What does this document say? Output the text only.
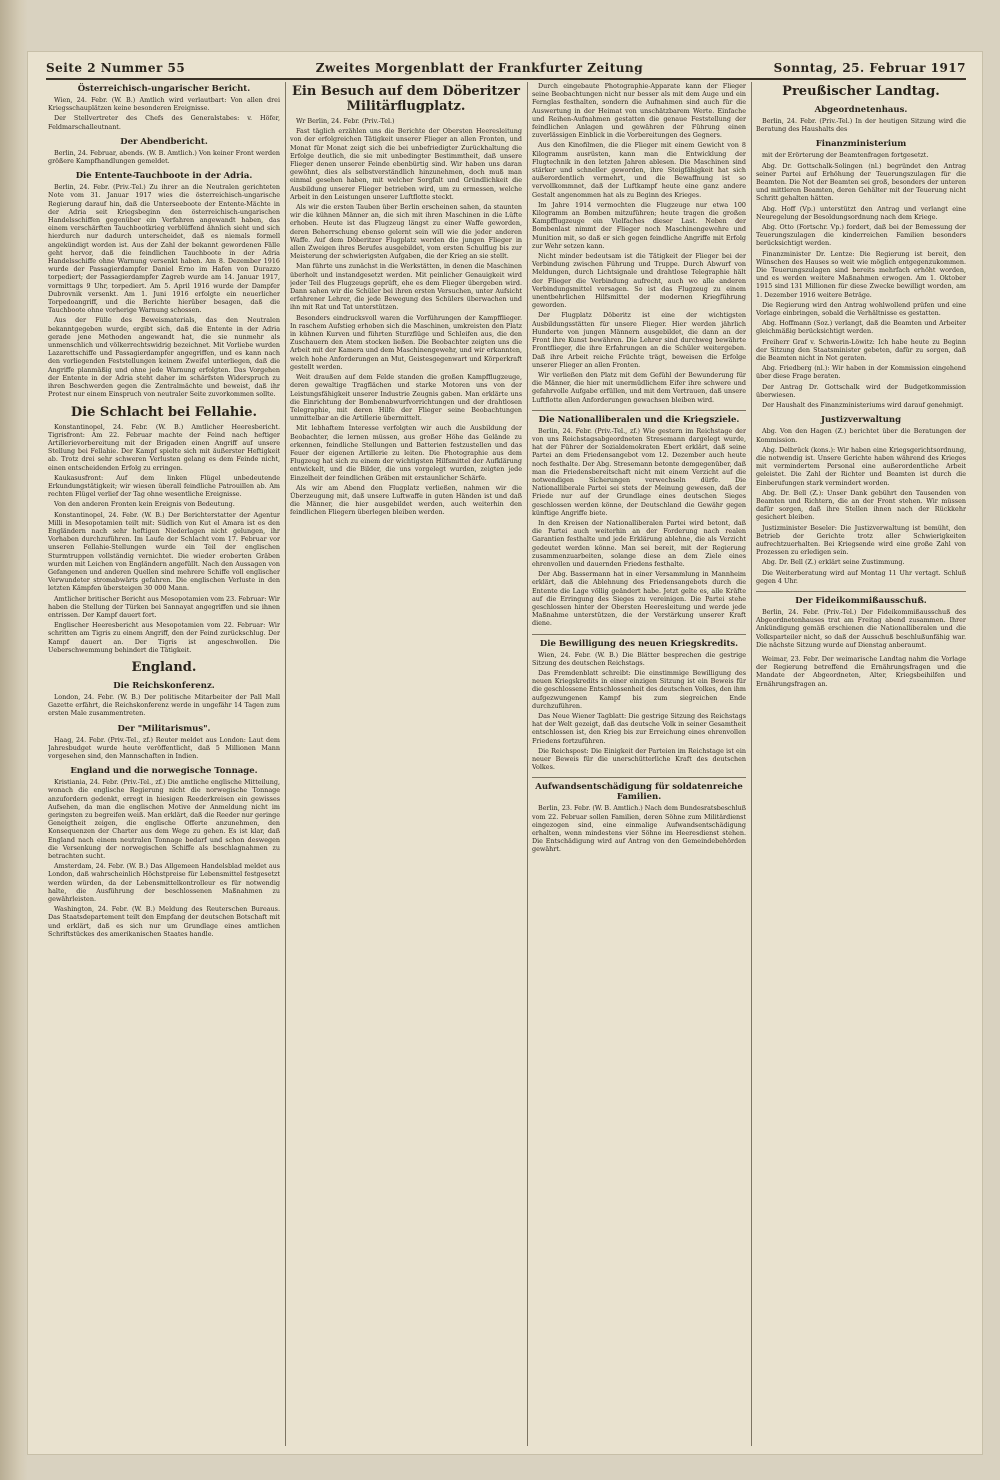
Seite 2 Nummer 55	Zweites Morgenblatt der Frankfurter Zeitung	Sonntag, 25. Februar 1917
Österreichisch-ungarischer Bericht.

Wien, 24. Febr. (W. B.) Amtlich wird verlautbart: Von allen drei Kriegsschauplätzen keine besonderen Ereignisse.

Der Stellvertreter des Chefs des Generalstabes: v. Höfer, Feldmarschalleutnant.

Der Abendbericht.

Berlin, 24. Februar, abends. (W. B. Amtlich.) Von keiner Front werden größere Kampfhandlungen gemeldet.

Die Entente-Tauchboote in der Adria.

Berlin, 24. Febr. (Priv.-Tel.) Zu ihrer an die Neutralen gerichteten Note vom 31. Januar 1917 wies die österreichisch-ungarische Regierung darauf hin, daß die Unterseeboote der Entente-Mächte in der Adria seit Kriegsbeginn den österreichisch-ungarischen Handelsschiffen gegenüber ein Verfahren angewandt haben, das einem verschärften Tauchbootkrieg verblüffend ähnlich sieht und sich hierdurch nur dadurch unterscheidet, daß es niemals formell angekündigt worden ist. Aus der Zahl der bekannt gewordenen Fälle geht hervor, daß die feindlichen Tauchboote in der Adria Handelsschiffe ohne Warnung versenkt haben. Am 8. Dezember 1916 wurde der Passagierdampfer Daniel Erno im Hafen von Durazzo torpediert; der Passagierdampfer Zagreb wurde am 14. Januar 1917, vormittags 9 Uhr, torpediert. Am 5. April 1916 wurde der Dampfer Dubrovnik versenkt. Am 1. Juni 1916 erfolgte ein neuerlicher Torpedoangriff, und die Berichte hierüber besagen, daß die Tauchboote ohne vorherige Warnung schossen.

Aus der Fülle des Beweismaterials, das den Neutralen bekanntgegeben wurde, ergibt sich, daß die Entente in der Adria gerade jene Methoden angewandt hat, die sie nunmehr als unmenschlich und völkerrechtswidrig bezeichnet. Mit Vorliebe wurden Lazarettschiffe und Passagierdampfer angegriffen, und es kann nach den vorliegenden Feststellungen keinem Zweifel unterliegen, daß die Angriffe planmäßig und ohne jede Warnung erfolgten. Das Vorgehen der Entente in der Adria steht daher im schärfsten Widerspruch zu ihren Beschwerden gegen die Zentralmächte und beweist, daß ihr Protest nur einem Einspruch von neutraler Seite zuvorkommen sollte.

Die Schlacht bei Fellahie.

Konstantinopel, 24. Febr. (W. B.) Amtlicher Heeresbericht. Tigrisfront: Am 22. Februar machte der Feind nach heftiger Artillerievorbereitung mit der Brigaden einen Angriff auf unsere Stellung bei Fellahie. Der Kampf spielte sich mit äußerster Heftigkeit ab. Trotz drei sehr schweren Verlusten gelang es dem Feinde nicht, einen entscheidenden Erfolg zu erringen.

Kaukasusfront: Auf dem linken Flügel unbedeutende Erkundungstätigkeit; wir wiesen überall feindliche Patrouillen ab. Am rechten Flügel verlief der Tag ohne wesentliche Ereignisse.

Von den anderen Fronten kein Ereignis von Bedeutung.

Konstantinopel, 24. Febr. (W. B.) Der Berichterstatter der Agentur Milli in Mesopotamien teilt mit: Südlich von Kut el Amara ist es den Engländern nach sehr heftigen Niederlagen nicht gelungen, ihr Vorhaben durchzuführen. Im Laufe der Schlacht vom 17. Februar vor unseren Fellahie-Stellungen wurde ein Teil der englischen Sturmtruppen vollständig vernichtet. Die wieder eroberten Gräben wurden mit Leichen von Engländern angefüllt. Nach den Aussagen von Gefangenen und anderen Quellen sind mehrere Schiffe voll englischer Verwundeter stromabwärts gefahren. Die englischen Verluste in den letzten Kämpfen übersteigen 30 000 Mann.

Amtlicher britischer Bericht aus Mesopotamien vom 23. Februar: Wir haben die Stellung der Türken bei Sannayat angegriffen und sie ihnen entrissen. Der Kampf dauert fort.

Englischer Heeresbericht aus Mesopotamien vom 22. Februar: Wir schritten am Tigris zu einem Angriff, den der Feind zurückschlug. Der Kampf dauert an. Der Tigris ist angeschwollen. Die Ueberschwemmung behindert die Tätigkeit.

England.
Die Reichskonferenz.

London, 24. Febr. (W. B.) Der politische Mitarbeiter der Pall Mall Gazette erfährt, die Reichskonferenz werde in ungefähr 14 Tagen zum ersten Male zusammentreten.

Der "Militarismus".

Haag, 24. Febr. (Priv.-Tel., zf.) Reuter meldet aus London: Laut dem Jahresbudget wurde heute veröffentlicht, daß 5 Millionen Mann vorgesehen sind, den Mannschaften in Indien.

England und die norwegische Tonnage.

Kristiania, 24. Febr. (Priv.-Tel., zf.) Die amtliche englische Mitteilung, wonach die englische Regierung nicht die norwegische Tonnage anzufordern gedenkt, erregt in hiesigen Reederkreisen ein gewisses Aufsehen, da man die englischen Motive der Anmeldung nicht im geringsten zu begreifen weiß. Man erklärt, daß die Reeder nur geringe Geneigtheit zeigen, die englische Offerte anzunehmen, den Konsequenzen der Charter aus dem Wege zu gehen. Es ist klar, daß England nach einem neutralen Tonnage bedarf und schon deswegen die Versenkung der norwegischen Schiffe als beschlagnahmen zu betrachten sucht.

Amsterdam, 24. Febr. (W. B.) Das Allgemeen Handelsblad meldet aus London, daß wahrscheinlich Höchstpreise für Lebensmittel festgesetzt werden würden, da der Lebensmittelkontrolleur es für notwendig halte, die Ausführung der beschlossenen Maßnahmen zu gewährleisten.

Washington, 24. Febr. (W. B.) Meldung des Reuterschen Bureaus. Das Staatsdepartement teilt den Empfang der deutschen Botschaft mit und erklärt, daß es sich nur um Grundlage eines amtlichen Schriftstückes des amerikanischen Staates handle.

Ein Besuch auf dem Döberitzer Militärflugplatz.

Wr Berlin, 24. Febr. (Priv.-Tel.)

Fast täglich erzählen uns die Berichte der Obersten Heeresleitung von der erfolgreichen Tätigkeit unserer Flieger an allen Fronten, und Monat für Monat zeigt sich die bei unbefriedigter Zurückhaltung die Erfolge deutlich, die sie mit unbedingter Bestimmtheit, daß unsere Flieger denen unserer Feinde ebenbürtig sind. Wir haben uns daran gewöhnt, dies als selbstverständlich hinzunehmen, doch muß man einmal gesehen haben, mit welcher Sorgfalt und Gründlichkeit die Ausbildung unserer Flieger betrieben wird, um zu ermessen, welche Arbeit in den Leistungen unserer Luftflotte steckt.

Als wir die ersten Tauben über Berlin erscheinen sahen, da staunten wir die kühnen Männer an, die sich mit ihren Maschinen in die Lüfte erhoben. Heute ist das Flugzeug längst zu einer Waffe geworden, deren Beherrschung ebenso gelernt sein will wie die jeder anderen Waffe. Auf dem Döberitzer Flugplatz werden die jungen Flieger in allen Zweigen ihres Berufes ausgebildet, vom ersten Schulflug bis zur Meisterung der schwierigsten Aufgaben, die der Krieg an sie stellt.

Man führte uns zunächst in die Werkstätten, in denen die Maschinen überholt und instandgesetzt werden. Mit peinlicher Genauigkeit wird jeder Teil des Flugzeugs geprüft, ehe es dem Flieger übergeben wird. Dann sahen wir die Schüler bei ihren ersten Versuchen, unter Aufsicht erfahrener Lehrer, die jede Bewegung des Schülers überwachen und ihn mit Rat und Tat unterstützen.

Besonders eindrucksvoll waren die Vorführungen der Kampfflieger. In raschem Aufstieg erhoben sich die Maschinen, umkreisten den Platz in kühnen Kurven und führten Sturzflüge und Schleifen aus, die den Zuschauern den Atem stocken ließen. Die Beobachter zeigten uns die Arbeit mit der Kamera und dem Maschinengewehr, und wir erkannten, welch hohe Anforderungen an Mut, Geistesgegenwart und Körperkraft gestellt werden.

Weit draußen auf dem Felde standen die großen Kampfflugzeuge, deren gewaltige Tragflächen und starke Motoren uns von der Leistungsfähigkeit unserer Industrie Zeugnis gaben. Man erklärte uns die Einrichtung der Bombenabwurfvorrichtungen und der drahtlosen Telegraphie, mit deren Hilfe der Flieger seine Beobachtungen unmittelbar an die Artillerie übermittelt.

Mit lebhaftem Interesse verfolgten wir auch die Ausbildung der Beobachter, die lernen müssen, aus großer Höhe das Gelände zu erkennen, feindliche Stellungen und Batterien festzustellen und das Feuer der eigenen Artillerie zu leiten. Die Photographie aus dem Flugzeug hat sich zu einem der wichtigsten Hilfsmittel der Aufklärung entwickelt, und die Bilder, die uns vorgelegt wurden, zeigten jede Einzelheit der feindlichen Gräben mit erstaunlicher Schärfe.

Als wir am Abend den Flugplatz verließen, nahmen wir die Überzeugung mit, daß unsere Luftwaffe in guten Händen ist und daß die Männer, die hier ausgebildet werden, auch weiterhin den feindlichen Fliegern überlegen bleiben werden.

Durch eingebaute Photographie-Apparate kann der Flieger seine Beobachtungen nicht nur besser als mit dem Auge und ein Fernglas festhalten, sondern die Aufnahmen sind auch für die Auswertung in der Heimat von unschätzbarem Werte. Einfache und Reihen-Aufnahmen gestatten die genaue Feststellung der feindlichen Anlagen und gewähren der Führung einen zuverlässigen Einblick in die Vorbereitungen des Gegners.

Aus den Kinofilmen, die die Flieger mit einem Gewicht von 8 Kilogramm ausrüsten, kann man die Entwicklung der Flugtechnik in den letzten Jahren ablesen. Die Maschinen sind stärker und schneller geworden, ihre Steigfähigkeit hat sich außerordentlich vermehrt, und die Bewaffnung ist so vervollkommnet, daß der Luftkampf heute eine ganz andere Gestalt angenommen hat als zu Beginn des Krieges.

Im Jahre 1914 vermochten die Flugzeuge nur etwa 100 Kilogramm an Bomben mitzuführen; heute tragen die großen Kampfflugzeuge ein Vielfaches dieser Last. Neben der Bombenlast nimmt der Flieger noch Maschinengewehre und Munition mit, so daß er sich gegen feindliche Angriffe mit Erfolg zur Wehr setzen kann.

Nicht minder bedeutsam ist die Tätigkeit der Flieger bei der Verbindung zwischen Führung und Truppe. Durch Abwurf von Meldungen, durch Lichtsignale und drahtlose Telegraphie hält der Flieger die Verbindung aufrecht, auch wo alle anderen Verbindungsmittel versagen. So ist das Flugzeug zu einem unentbehrlichen Hilfsmittel der modernen Kriegführung geworden.

Der Flugplatz Döberitz ist eine der wichtigsten Ausbildungsstätten für unsere Flieger. Hier werden jährlich Hunderte von jungen Männern ausgebildet, die dann an der Front ihre Kunst bewähren. Die Lehrer sind durchweg bewährte Frontflieger, die ihre Erfahrungen an die Schüler weitergeben. Daß ihre Arbeit reiche Früchte trägt, beweisen die Erfolge unserer Flieger an allen Fronten.

Wir verließen den Platz mit dem Gefühl der Bewunderung für die Männer, die hier mit unermüdlichem Eifer ihre schwere und gefahrvolle Aufgabe erfüllen, und mit dem Vertrauen, daß unsere Luftflotte allen Anforderungen gewachsen bleiben wird.

Die Nationalliberalen und die Kriegsziele.

Berlin, 24. Febr. (Priv.-Tel., zf.) Wie gestern im Reichstage der von uns Reichstagsabgeordneten Stresemann dargelegt wurde, hat der Führer der Sozialdemokraten Ebert erklärt, daß seine Partei an dem Friedensangebot vom 12. Dezember auch heute noch festhalte. Der Abg. Stresemann betonte demgegenüber, daß man die Friedensbereitschaft nicht mit einem Verzicht auf die notwendigen Sicherungen verwechseln dürfe. Die Nationalliberale Partei sei stets der Meinung gewesen, daß der Friede nur auf der Grundlage eines deutschen Sieges geschlossen werden könne, der Deutschland die Gewähr gegen künftige Angriffe biete.

In den Kreisen der Nationalliberalen Partei wird betont, daß die Partei auch weiterhin an der Forderung nach realen Garantien festhalte und jede Erklärung ablehne, die als Verzicht gedeutet werden könne. Man sei bereit, mit der Regierung zusammenzuarbeiten, solange diese an dem Ziele eines ehrenvollen und dauernden Friedens festhalte.

Der Abg. Bassermann hat in einer Versammlung in Mannheim erklärt, daß die Ablehnung des Friedensangebots durch die Entente die Lage völlig geändert habe. Jetzt gelte es, alle Kräfte auf die Erringung des Sieges zu vereinigen. Die Partei stehe geschlossen hinter der Obersten Heeresleitung und werde jede Maßnahme unterstützen, die der Verstärkung unserer Kraft diene.

Die Bewilligung des neuen Kriegskredits.

Wien, 24. Febr. (W. B.) Die Blätter besprechen die gestrige Sitzung des deutschen Reichstags.

Das Fremdenblatt schreibt: Die einstimmige Bewilligung des neuen Kriegskredits in einer einzigen Sitzung ist ein Beweis für die geschlossene Entschlossenheit des deutschen Volkes, den ihm aufgezwungenen Kampf bis zum siegreichen Ende durchzuführen.

Das Neue Wiener Tagblatt: Die gestrige Sitzung des Reichstags hat der Welt gezeigt, daß das deutsche Volk in seiner Gesamtheit entschlossen ist, den Krieg bis zur Erreichung eines ehrenvollen Friedens fortzuführen.

Die Reichspost: Die Einigkeit der Parteien im Reichstage ist ein neuer Beweis für die unerschütterliche Kraft des deutschen Volkes.

Aufwandsentschädigung für soldatenreiche Familien.

Berlin, 23. Febr. (W. B. Amtlich.) Nach dem Bundesratsbeschluß vom 22. Februar sollen Familien, deren Söhne zum Militärdienst eingezogen sind, eine einmalige Aufwandsentschädigung erhalten, wenn mindestens vier Söhne im Heeresdienst stehen. Die Entschädigung wird auf Antrag von den Gemeindebehörden gewährt.

Preußischer Landtag.
Abgeordnetenhaus.

Berlin, 24. Febr. (Priv.-Tel.) In der heutigen Sitzung wird die Beratung des Haushalts des

Finanzministerium

mit der Erörterung der Beamtenfragen fortgesetzt.

Abg. Dr. Gottschalk-Solingen (nl.) begründet den Antrag seiner Partei auf Erhöhung der Teuerungszulagen für die Beamten. Die Not der Beamten sei groß, besonders der unteren und mittleren Beamten, deren Gehälter mit der Teuerung nicht Schritt gehalten hätten.

Abg. Hoff (Vp.) unterstützt den Antrag und verlangt eine Neuregelung der Besoldungsordnung nach dem Kriege.

Abg. Otto (Fortschr. Vp.) fordert, daß bei der Bemessung der Teuerungszulagen die kinderreichen Familien besonders berücksichtigt werden.

Finanzminister Dr. Lentze: Die Regierung ist bereit, den Wünschen des Hauses so weit wie möglich entgegenzukommen. Die Teuerungszulagen sind bereits mehrfach erhöht worden, und es werden weitere Maßnahmen erwogen. Am 1. Oktober 1915 sind 131 Millionen für diese Zwecke bewilligt worden, am 1. Dezember 1916 weitere Beträge.

Die Regierung wird den Antrag wohlwollend prüfen und eine Vorlage einbringen, sobald die Verhältnisse es gestatten.

Abg. Hoffmann (Soz.) verlangt, daß die Beamten und Arbeiter gleichmäßig berücksichtigt werden.

Freiherr Graf v. Schwerin-Löwitz: Ich habe heute zu Beginn der Sitzung den Staatsminister gebeten, dafür zu sorgen, daß die Beamten nicht in Not geraten.

Abg. Friedberg (nl.): Wir haben in der Kommission eingehend über diese Frage beraten.

Der Antrag Dr. Gottschalk wird der Budgetkommission überwiesen.

Der Haushalt des Finanzministeriums wird darauf genehmigt.

Justizverwaltung

Abg. Von den Hagen (Z.) berichtet über die Beratungen der Kommission.

Abg. Delbrück (kons.): Wir haben eine Kriegsgerichtsordnung, die notwendig ist. Unsere Gerichte haben während des Krieges mit vermindertem Personal eine außerordentliche Arbeit geleistet. Die Zahl der Richter und Beamten ist durch die Einberufungen stark vermindert worden.

Abg. Dr. Bell (Z.): Unser Dank gebührt den Tausenden von Beamten und Richtern, die an der Front stehen. Wir müssen dafür sorgen, daß ihre Stellen ihnen nach der Rückkehr gesichert bleiben.

Justizminister Beseler: Die Justizverwaltung ist bemüht, den Betrieb der Gerichte trotz aller Schwierigkeiten aufrechtzuerhalten. Bei Kriegsende wird eine große Zahl von Prozessen zu erledigen sein.

Abg. Dr. Bell (Z.) erklärt seine Zustimmung.

Die Weiterberatung wird auf Montag 11 Uhr vertagt. Schluß gegen 4 Uhr.

Der Fideikommißausschuß.

Berlin, 24. Febr. (Priv.-Tel.) Der Fideikommißausschuß des Abgeordnetenhauses trat am Freitag abend zusammen. Ihrer Ankündigung gemäß erschienen die Nationalliberalen und die Volksparteiler nicht, so daß der Ausschuß beschlußunfähig war. Die nächste Sitzung wurde auf Dienstag anberaumt.

Weimar, 23. Febr. Der weimarische Landtag nahm die Vorlage der Regierung betreffend die Ernährungsfragen und die Mandate der Abgeordneten, Alter, Kriegsbeihilfen und Ernährungsfragen an.
